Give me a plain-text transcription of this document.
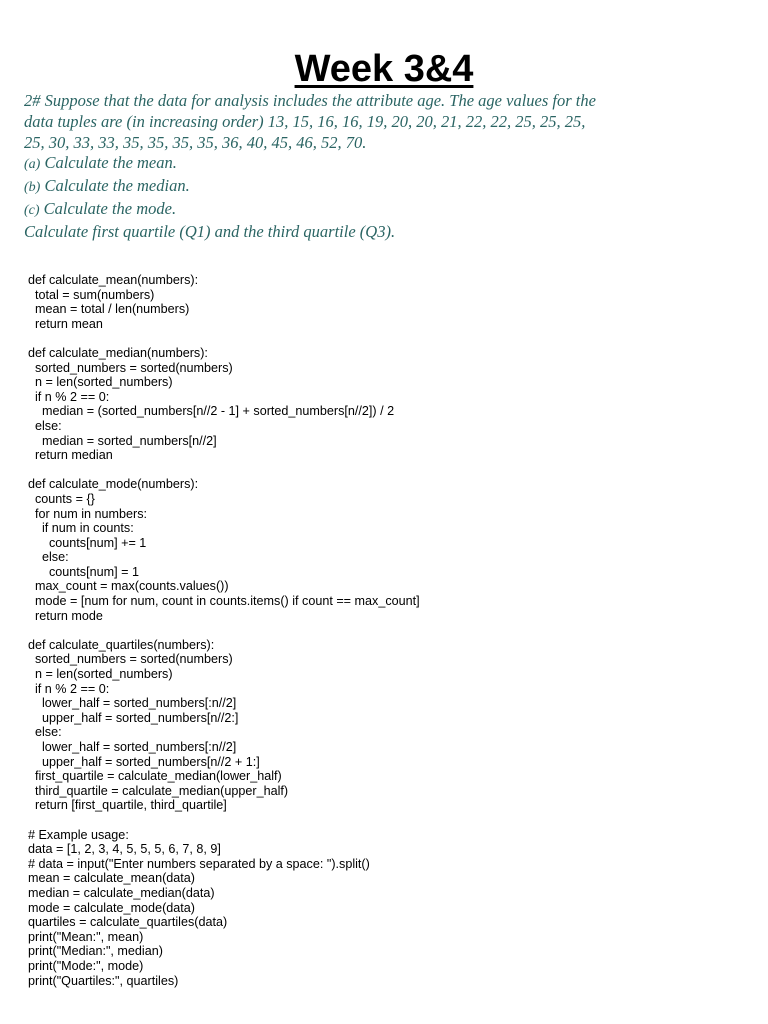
Week 3&4
2# Suppose that the data for analysis includes the attribute age. The age values for the
data tuples are (in increasing order) 13, 15, 16, 16, 19, 20, 20, 21, 22, 22, 25, 25, 25,
25, 30, 33, 33, 35, 35, 35, 35, 36, 40, 45, 46, 52, 70.
(a) Calculate the mean.
(b) Calculate the median.
(c) Calculate the mode.
Calculate first quartile (Q1) and the third quartile (Q3).
def calculate_mean(numbers):
total = sum(numbers)
mean = total / len(numbers)
return mean
def calculate_median(numbers):
sorted_numbers = sorted(numbers)
n = len(sorted_numbers)
if n % 2 == 0:
median = (sorted_numbers[n//2 - 1] + sorted_numbers[n//2]) / 2
else:
median = sorted_numbers[n//2]
return median
def calculate_mode(numbers):
counts = {}
for num in numbers:
if num in counts:
counts[num] += 1
else:
counts[num] = 1
max_count = max(counts.values())
mode = [num for num, count in counts.items() if count == max_count]
return mode
def calculate_quartiles(numbers):
sorted_numbers = sorted(numbers)
n = len(sorted_numbers)
if n % 2 == 0:
lower_half = sorted_numbers[:n//2]
upper_half = sorted_numbers[n//2:]
else:
lower_half = sorted_numbers[:n//2]
upper_half = sorted_numbers[n//2 + 1:]
first_quartile = calculate_median(lower_half)
third_quartile = calculate_median(upper_half)
return [first_quartile, third_quartile]
# Example usage:
data = [1, 2, 3, 4, 5, 5, 5, 6, 7, 8, 9]
# data = input("Enter numbers separated by a space: ").split()
mean = calculate_mean(data)
median = calculate_median(data)
mode = calculate_mode(data)
quartiles = calculate_quartiles(data)
print("Mean:", mean)
print("Median:", median)
print("Mode:", mode)
print("Quartiles:", quartiles)
